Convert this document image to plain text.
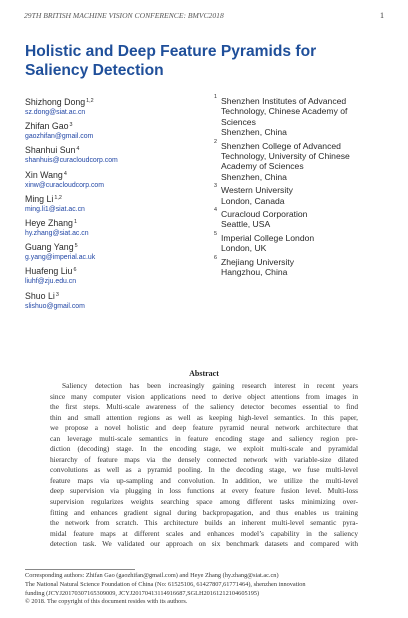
29TH BRITISH MACHINE VISION CONFERENCE: BMVC2018	1
Holistic and Deep Feature Pyramids for
Saliency Detection
Shizhong Dong$^{1,2}$
sz.dong@siat.ac.cn
Zhifan Gao$^3$
gaozhifan@gmail.com
Shanhui Sun$^4$
shanhuis@curacloudcorp.com
Xin Wang$^4$
xinw@curacloudcorp.com
Ming Li$^{1,2}$
ming.li1@siat.ac.cn
Heye Zhang$^1$
hy.zhang@siat.ac.cn
Guang Yang$^5$
g.yang@imperial.ac.uk
Huafeng Liu$^6$
liuhf@zju.edu.cn
Shuo Li$^3$
slishuo@gmail.com
1 Shenzhen Institutes of Advanced
Technology, Chinese Academy of
Sciences
Shenzhen, China
2 Shenzhen College of Advanced
Technology, University of Chinese
Academy of Sciences
Shenzhen, China
3 Western University
London, Canada
4 Curacloud Corporation
Seattle, USA
5 Imperial College London
London, UK
6 Zhejiang University
Hangzhou, China
Abstract
Saliency detection has been increasingly gaining research interest in recent years
since many computer vision applications need to derive object attentions from images in
the first steps. Multi-scale awareness of the saliency detector becomes essential to find
thin and small attention regions as well as keeping high-level semantics. In this paper,
we propose a novel holistic and deep feature pyramid neural network architecture that
can leverage multi-scale semantics in feature encoding stage and saliency region pre-
diction (decoding) stage. In the encoding stage, we exploit multi-scale and pyramidal
hierarchy of feature maps via the densely connected network with variable-size dilated
convolutions as well as a pyramid pooling. In the decoding stage, we fuse multi-level
feature maps via up-sampling and convolution. In addition, we utilize the multi-level
deep supervision via plugging in loss functions at every feature fusion level. Multi-loss
supervision regularizes weights searching space among different tasks minimizing over-
fitting and enhances gradient signal during backpropagation, and thus enables us training
the network from scratch. This architecture builds an inherent multi-level semantic pyra-
midal feature maps at different scales and enhances model’s capability in the saliency
detection task. We validated our approach on six benchmark datasets and compared with
Corresponding authors: Zhifan Gao (gaozhifan@gmail.com) and Heye Zhang (hy.zhang@siat.ac.cn)
The National Natural Science Foundation of China (No: 61525106, 61427807,61771464), shenzhen innovation
funding (JCYJ20170307165309009, JCYJ20170413114916687,SGLH20161212104605195)
© 2018. The copyright of this document resides with its authors.
